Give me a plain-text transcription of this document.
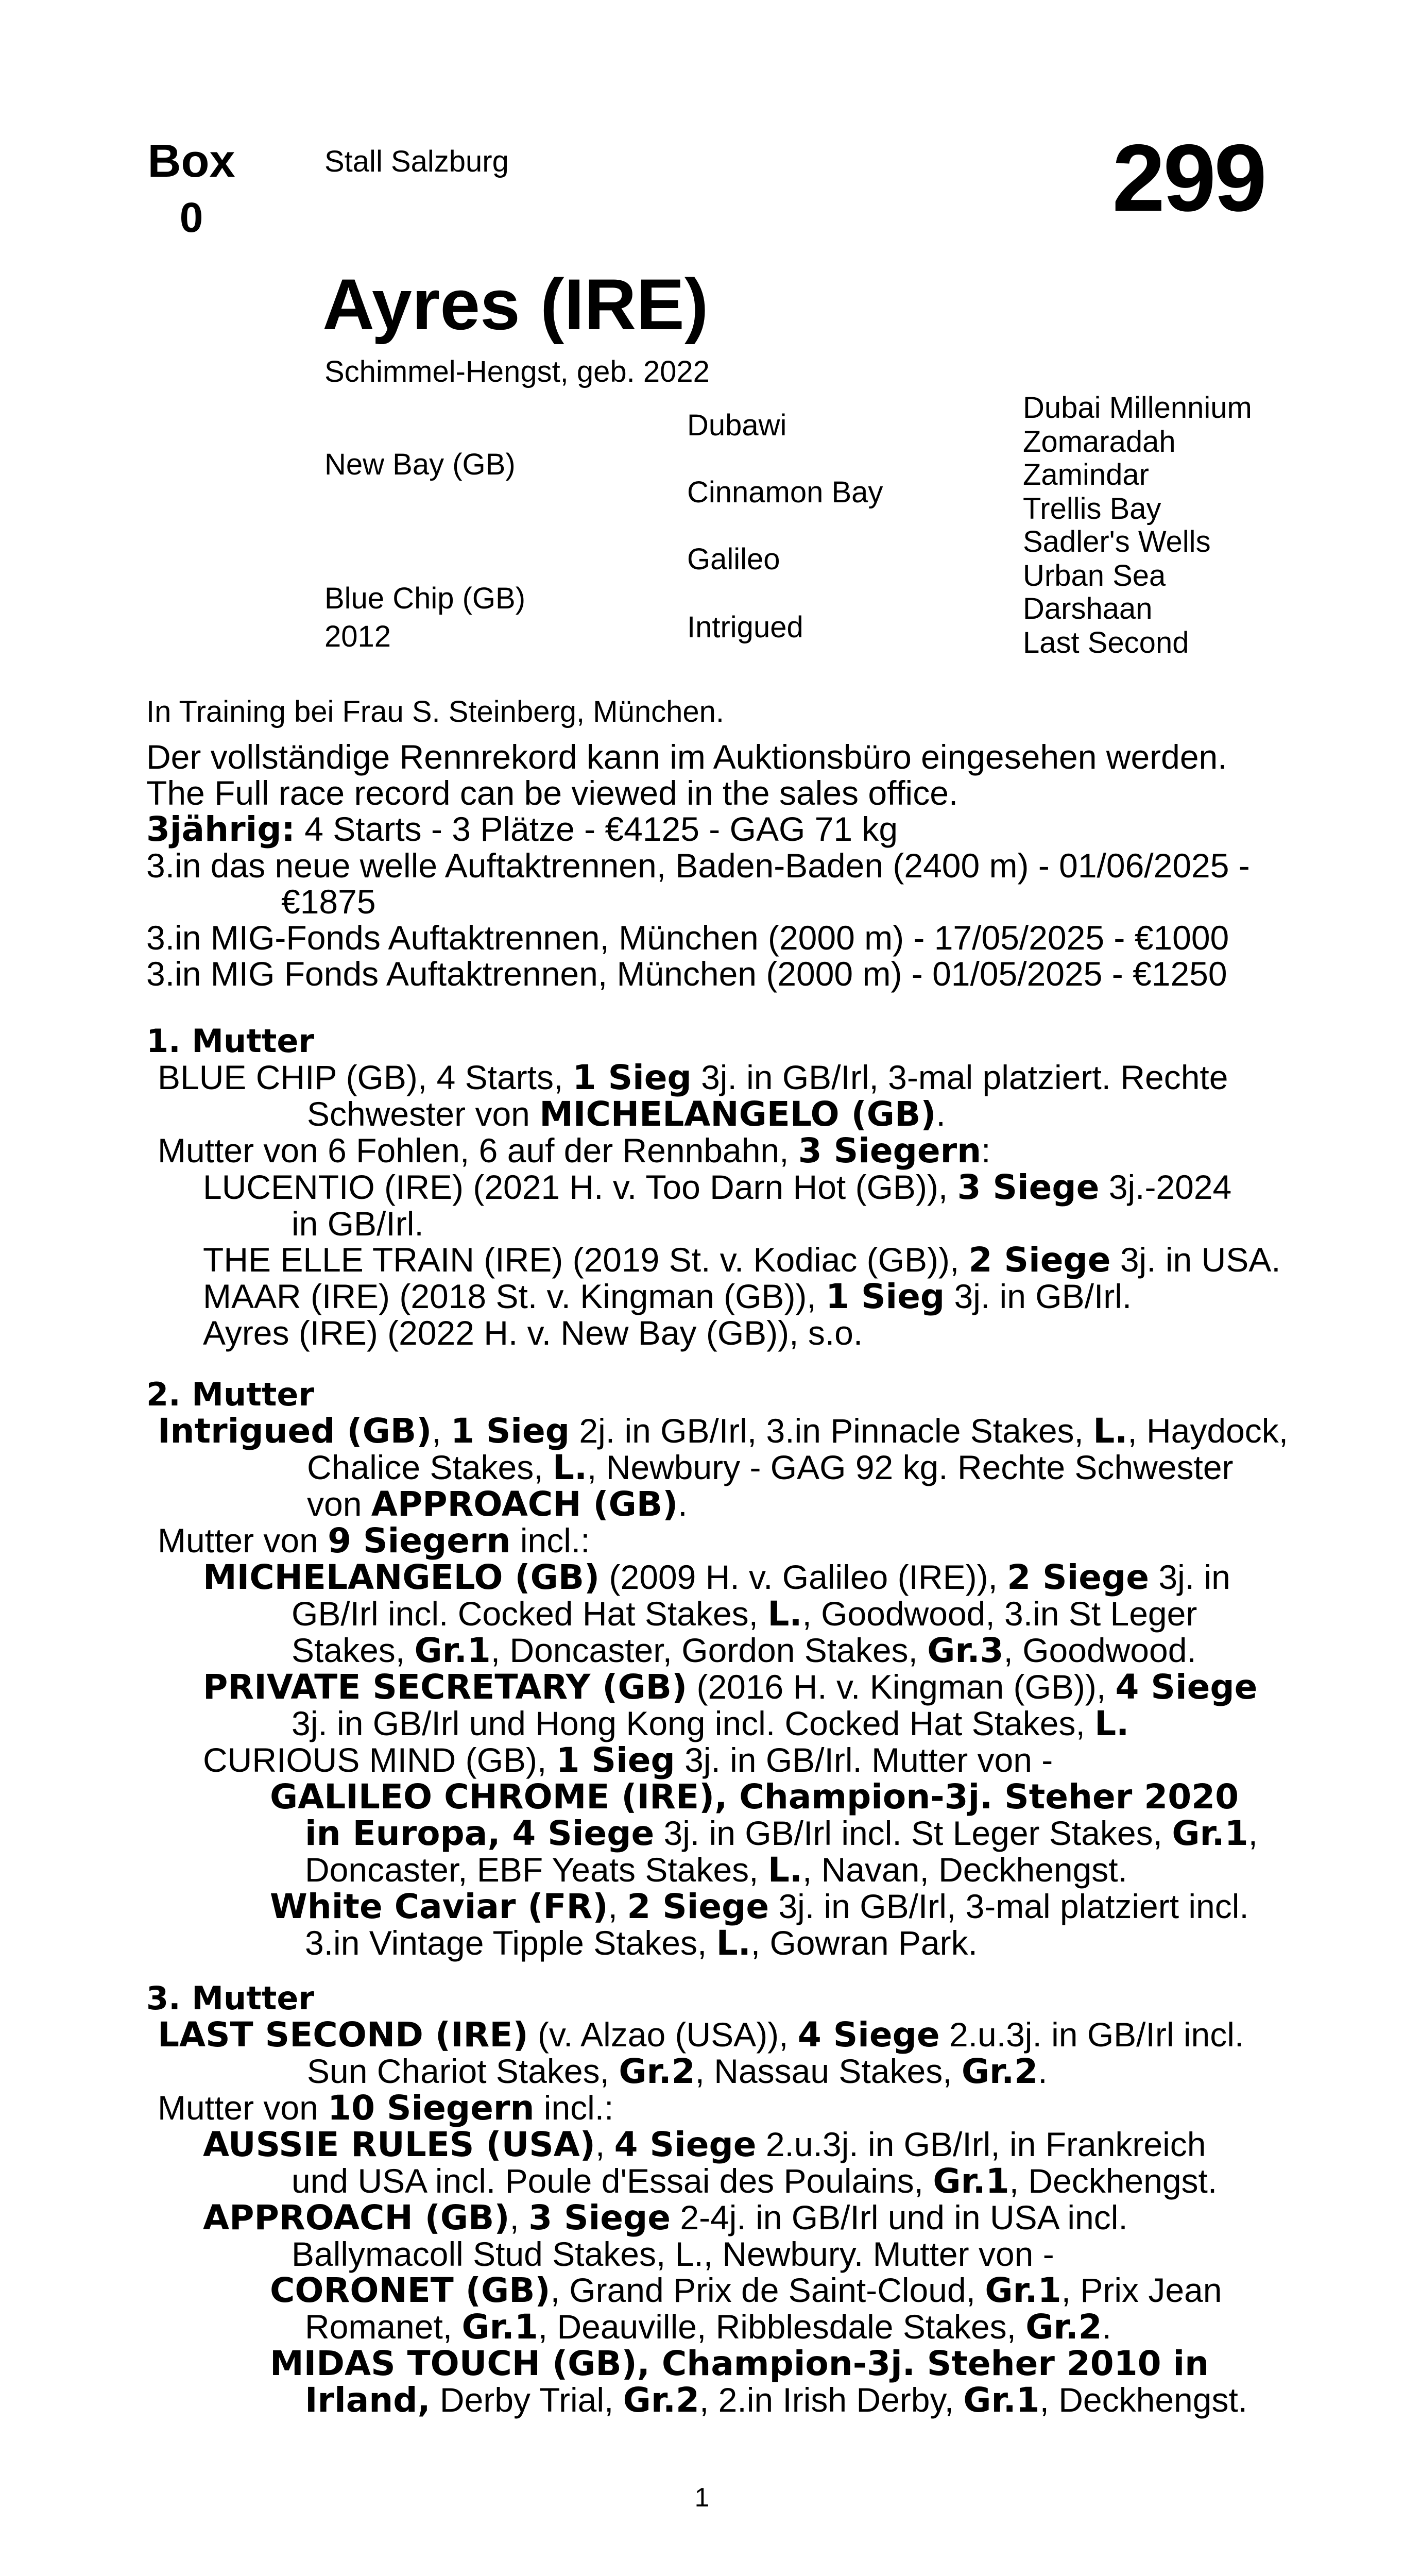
Box
0
Stall Salzburg	299
Ayres (IRE)
Schimmel-Hengst, geb. 2022
New Bay (GB)
Blue Chip (GB)
2012
Dubawi
Cinnamon Bay
Galileo
Intrigued
Dubai Millennium
Zomaradah
Zamindar
Trellis Bay
Sadler's Wells
Urban Sea
Darshaan
Last Second
In Training bei Frau S. Steinberg, München.
Der vollständige Rennrekord kann im Auktionsbüro eingesehen werden.
The Full race record can be viewed in the sales office.
3jährig: 4 Starts - 3 Plätze - €4125 - GAG 71 kg
3.in das neue welle Auftaktrennen, Baden-Baden (2400 m) - 01/06/2025 -
€1875
3.in MIG-Fonds Auftaktrennen, München (2000 m) - 17/05/2025 - €1000
3.in MIG Fonds Auftaktrennen, München (2000 m) - 01/05/2025 - €1250
1. Mutter
BLUE CHIP (GB), 4 Starts, 1 Sieg 3j. in GB/Irl, 3-mal platziert. Rechte
Schwester von MICHELANGELO (GB).
Mutter von 6 Fohlen, 6 auf der Rennbahn, 3 Siegern:
LUCENTIO (IRE) (2021 H. v. Too Darn Hot (GB)), 3 Siege 3j.-2024
in GB/Irl.
THE ELLE TRAIN (IRE) (2019 St. v. Kodiac (GB)), 2 Siege 3j. in USA.
MAAR (IRE) (2018 St. v. Kingman (GB)), 1 Sieg 3j. in GB/Irl.
Ayres (IRE) (2022 H. v. New Bay (GB)), s.o.
2. Mutter
Intrigued (GB), 1 Sieg 2j. in GB/Irl, 3.in Pinnacle Stakes, L., Haydock,
Chalice Stakes, L., Newbury - GAG 92 kg. Rechte Schwester
von APPROACH (GB).
Mutter von 9 Siegern incl.:
MICHELANGELO (GB) (2009 H. v. Galileo (IRE)), 2 Siege 3j. in
GB/Irl incl. Cocked Hat Stakes, L., Goodwood, 3.in St Leger
Stakes, Gr.1, Doncaster, Gordon Stakes, Gr.3, Goodwood.
PRIVATE SECRETARY (GB) (2016 H. v. Kingman (GB)), 4 Siege
3j. in GB/Irl und Hong Kong incl. Cocked Hat Stakes, L.
CURIOUS MIND (GB), 1 Sieg 3j. in GB/Irl. Mutter von -
GALILEO CHROME (IRE), Champion-3j. Steher 2020
in Europa, 4 Siege 3j. in GB/Irl incl. St Leger Stakes, Gr.1,
Doncaster, EBF Yeats Stakes, L., Navan, Deckhengst.
White Caviar (FR), 2 Siege 3j. in GB/Irl, 3-mal platziert incl.
3.in Vintage Tipple Stakes, L., Gowran Park.
3. Mutter
LAST SECOND (IRE) (v. Alzao (USA)), 4 Siege 2.u.3j. in GB/Irl incl.
Sun Chariot Stakes, Gr.2, Nassau Stakes, Gr.2.
Mutter von 10 Siegern incl.:
AUSSIE RULES (USA), 4 Siege 2.u.3j. in GB/Irl, in Frankreich
und USA incl. Poule d'Essai des Poulains, Gr.1, Deckhengst.
APPROACH (GB), 3 Siege 2-4j. in GB/Irl und in USA incl.
Ballymacoll Stud Stakes, L., Newbury. Mutter von -
CORONET (GB), Grand Prix de Saint-Cloud, Gr.1, Prix Jean
Romanet, Gr.1, Deauville, Ribblesdale Stakes, Gr.2.
MIDAS TOUCH (GB), Champion-3j. Steher 2010 in
Irland, Derby Trial, Gr.2, 2.in Irish Derby, Gr.1, Deckhengst.
1
